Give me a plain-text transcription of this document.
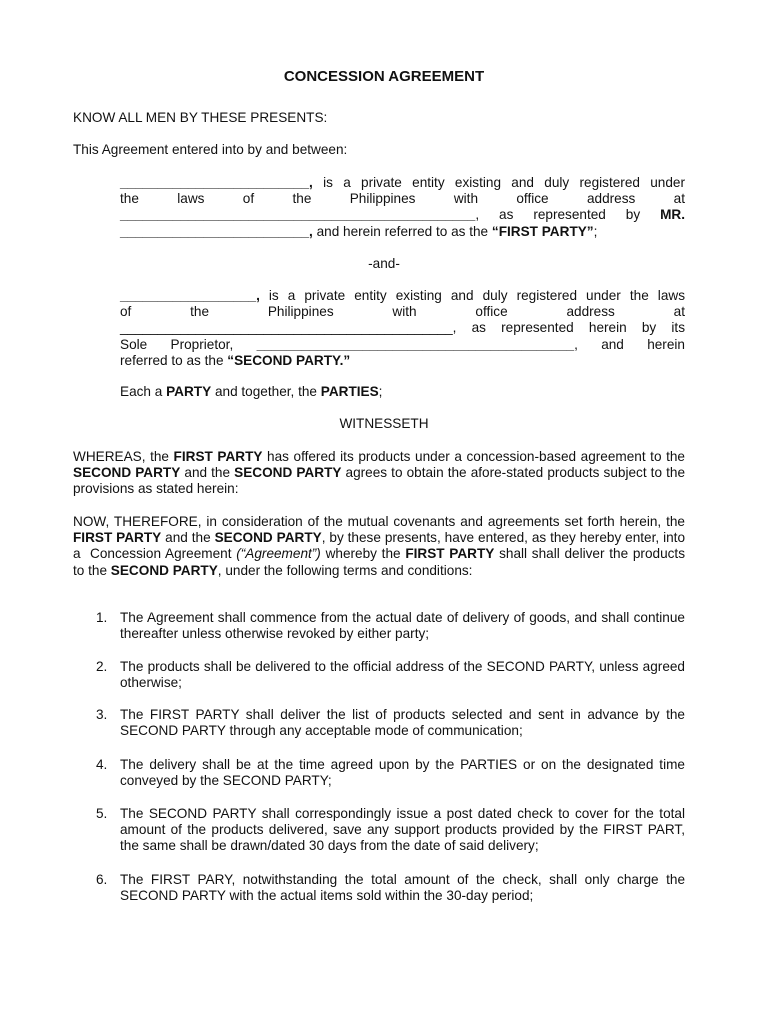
CONCESSION AGREEMENT
KNOW ALL MEN BY THESE PRESENTS:
This Agreement entered into by and between:
_________________________, is a private entity existing and duly registered under
the laws of the Philippines with office address at
_______________________________________________, as represented by MR.
_________________________, and herein referred to as the “FIRST PARTY”;
-and-
__________________, is a private entity existing and duly registered under the laws
of the Philippines with office address at
____________________________________________, as represented herein by its
Sole Proprietor, __________________________________________, and herein
referred to as the “SECOND PARTY.”
Each a PARTY and together, the PARTIES;
WITNESSETH
WHEREAS, the FIRST PARTY has offered its products under a concession-based agreement to the SECOND PARTY and the SECOND PARTY agrees to obtain the afore-stated products subject to the provisions as stated herein:
NOW, THEREFORE, in consideration of the mutual covenants and agreements set forth herein, the FIRST PARTY and the SECOND PARTY, by these presents, have entered, as they hereby enter, into a  Concession Agreement (“Agreement”) whereby the FIRST PARTY shall shall deliver the products to the SECOND PARTY, under the following terms and conditions:
1. The Agreement shall commence from the actual date of delivery of goods, and shall continue thereafter unless otherwise revoked by either party;
2. The products shall be delivered to the official address of the SECOND PARTY, unless agreed otherwise;
3. The FIRST PARTY shall deliver the list of products selected and sent in advance by the SECOND PARTY through any acceptable mode of communication;
4. The delivery shall be at the time agreed upon by the PARTIES or on the designated time conveyed by the SECOND PARTY;
5. The SECOND PARTY shall correspondingly issue a post dated check to cover for the total amount of the products delivered, save any support products provided by the FIRST PART, the same shall be drawn/dated 30 days from the date of said delivery;
6. The FIRST PARY, notwithstanding the total amount of the check, shall only charge the SECOND PARTY with the actual items sold within the 30-day period;
